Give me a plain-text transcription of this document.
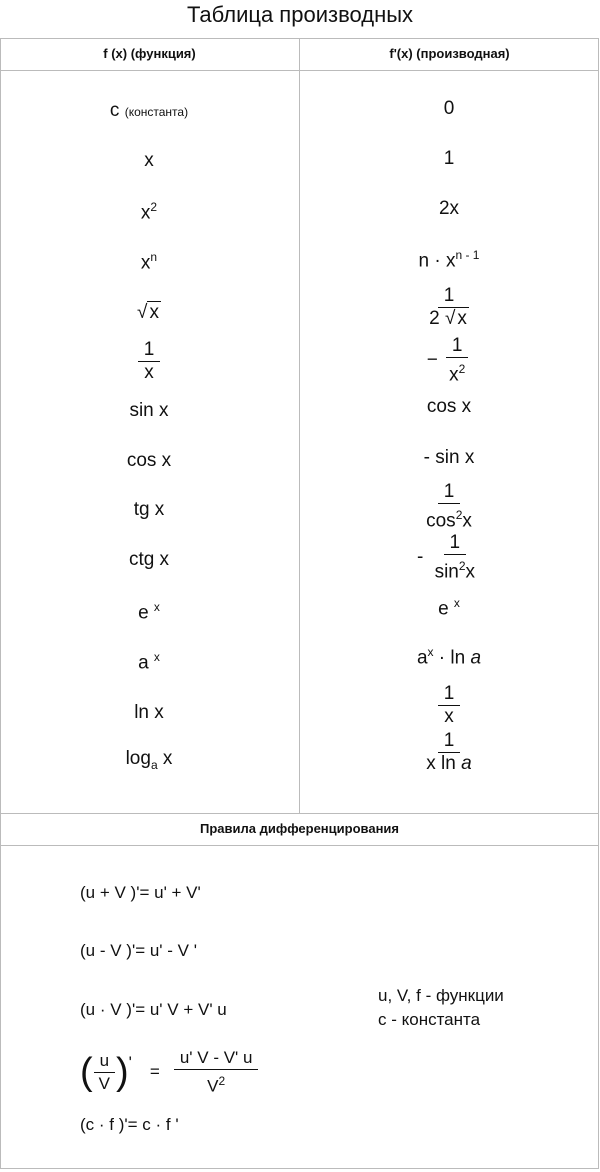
Таблица производных
f (x) (функция)	f'(x) (производная)
c (константа)	0
x	1
$x^2$	2x
$x^n$	$n \cdot x^{n - 1}$
√ x	$\frac{1}{2 √ x}$
$\frac{1}{x}$	− $\frac{1}{x^2}$
sin x	cos x
cos x	- sin x
tg x	$\frac{1}{\cos^2x}$
ctg x	- $\frac{1}{\sin^2x}$
e $^x$	e $^x$
a $^x$	$a^x \cdot \ln a$
ln x	$\frac{1}{x}$
$\log_a x$	$\frac{1}{\text{x ln a}}$
Правила дифференцирования
(u + V )'= u' + V'
(u - V )'= u' - V '
(u · V )'= u' V + V' u
( $\frac{u}{V}$ ) ' = $\frac{u' V - V' u}{V^2}$
(c · f )'= c · f '
u, V, f - функции
c - константа
